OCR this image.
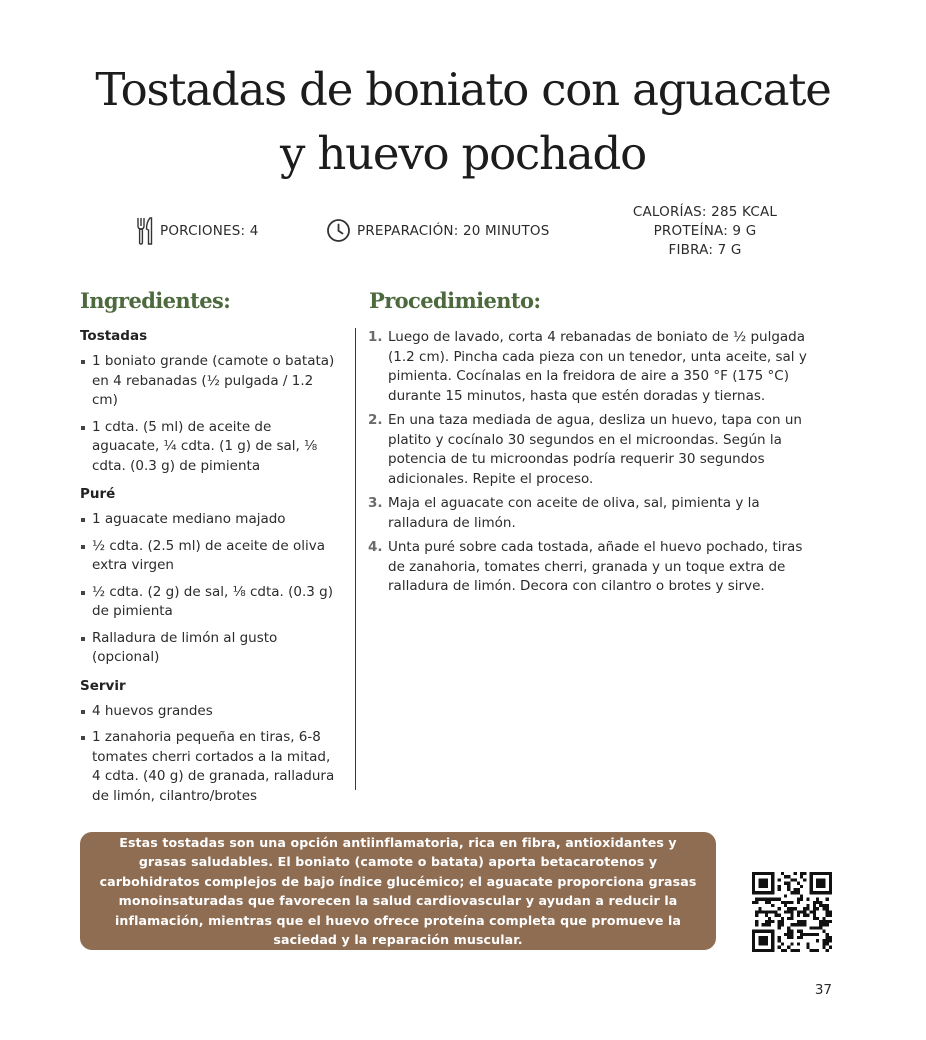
Tostadas de boniato con aguacate
y huevo pochado
PORCIONES: 4	PREPARACIÓN: 20 MINUTOS
CALORÍAS: 285 KCAL
PROTEÍNA: 9 G
FIBRA: 7 G
Ingredientes:	Procedimiento:
Tostadas
1 boniato grande (camote o batata) en 4 rebanadas (½ pulgada / 1.2 cm)
1 cdta. (5 ml) de aceite de aguacate, ¼ cdta. (1 g) de sal, ⅛ cdta. (0.3 g) de pimienta
Puré
1 aguacate mediano majado
½ cdta. (2.5 ml) de aceite de oliva extra virgen
½ cdta. (2 g) de sal, ⅛ cdta. (0.3 g) de pimienta
Ralladura de limón al gusto (opcional)
Servir
4 huevos grandes
1 zanahoria pequeña en tiras, 6-8 tomates cherri cortados a la mitad, 4 cdta. (40 g) de granada, ralladura de limón, cilantro/brotes
1. Luego de lavado, corta 4 rebanadas de boniato de ½ pulgada (1.2 cm). Pincha cada pieza con un tenedor, unta aceite, sal y pimienta. Cocínalas en la freidora de aire a 350 °F (175 °C) durante 15 minutos, hasta que estén doradas y tiernas.
2. En una taza mediada de agua, desliza un huevo, tapa con un platito y cocínalo 30 segundos en el microondas. Según la potencia de tu microondas podría requerir 30 segundos adicionales. Repite el proceso.
3. Maja el aguacate con aceite de oliva, sal, pimienta y la ralladura de limón.
4. Unta puré sobre cada tostada, añade el huevo pochado, tiras de zanahoria, tomates cherri, granada y un toque extra de ralladura de limón. Decora con cilantro o brotes y sirve.

Estas tostadas son una opción antiinflamatoria, rica en fibra, antioxidantes y grasas saludables. El boniato (camote o batata) aporta betacarotenos y carbohidratos complejos de bajo índice glucémico; el aguacate proporciona grasas monoinsaturadas que favorecen la salud cardiovascular y ayudan a reducir la inflamación, mientras que el huevo ofrece proteína completa que promueve la saciedad y la reparación muscular.

37
